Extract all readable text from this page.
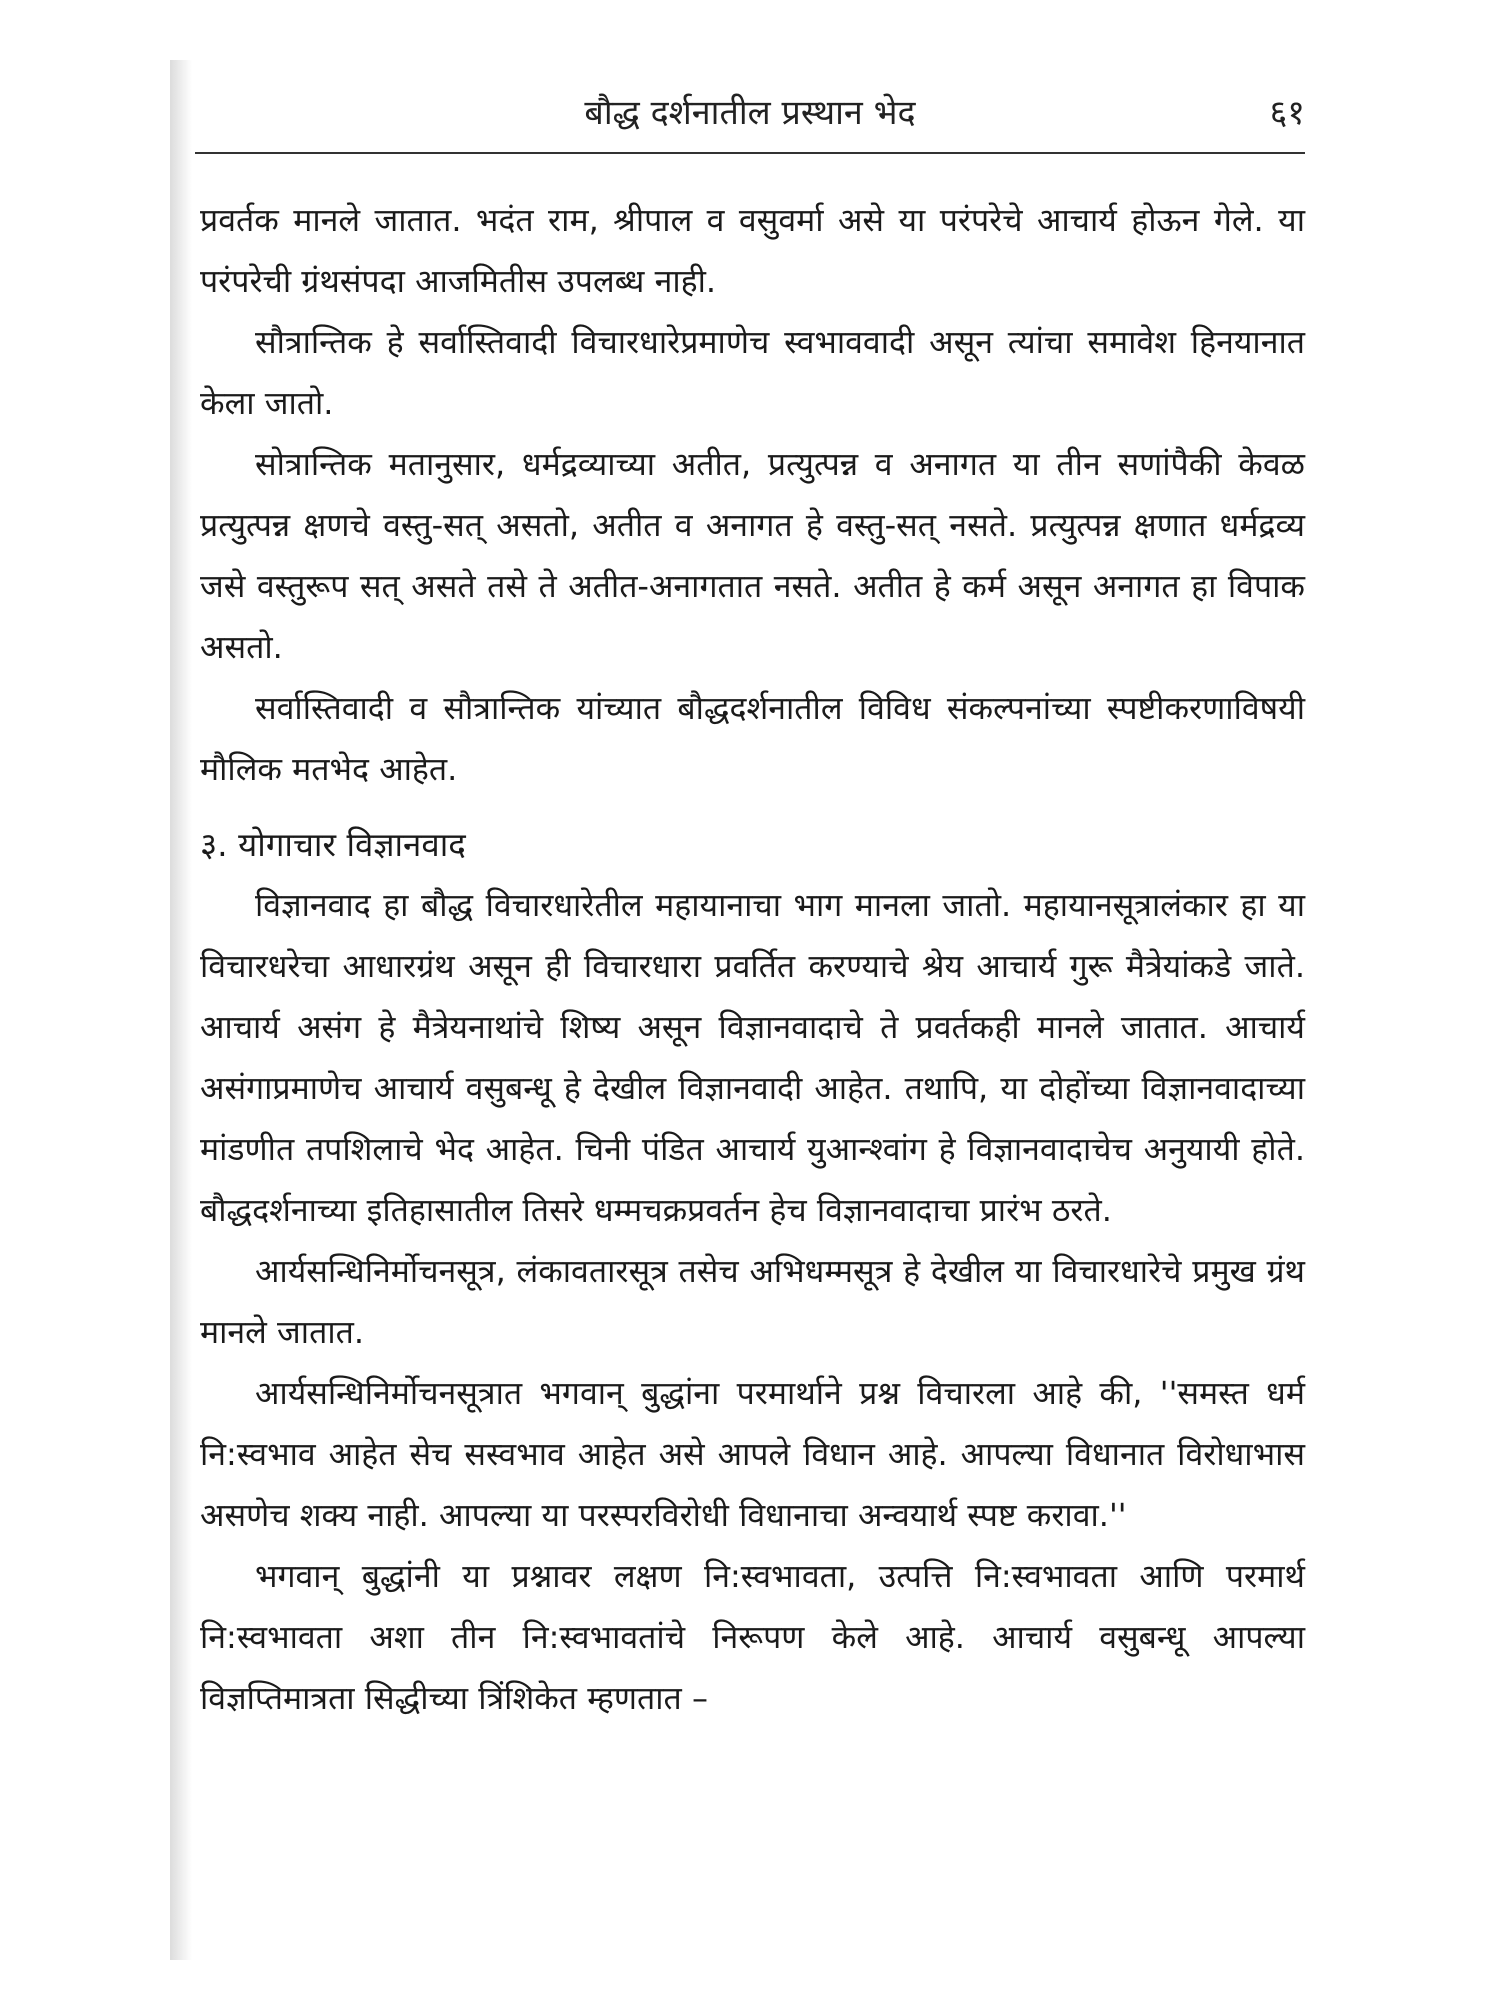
बौद्ध दर्शनातील प्रस्थान भेद	६१

प्रवर्तक मानले जातात. भदंत राम, श्रीपाल व वसुवर्मा असे या परंपरेचे आचार्य होऊन गेले. या परंपरेची ग्रंथसंपदा आजमितीस उपलब्ध नाही.

सौत्रान्तिक हे सर्वास्तिवादी विचारधारेप्रमाणेच स्वभाववादी असून त्यांचा समावेश हिनयानात केला जातो.

सोत्रान्तिक मतानुसार, धर्मद्रव्याच्या अतीत, प्रत्युत्पन्न व अनागत या तीन सणांपैकी केवळ प्रत्युत्पन्न क्षणचे वस्तु-सत् असतो, अतीत व अनागत हे वस्तु-सत् नसते. प्रत्युत्पन्न क्षणात धर्मद्रव्य जसे वस्तुरूप सत् असते तसे ते अतीत-अनागतात नसते. अतीत हे कर्म असून अनागत हा विपाक असतो.

सर्वास्तिवादी व सौत्रान्तिक यांच्यात बौद्धदर्शनातील विविध संकल्पनांच्या स्पष्टीकरणाविषयी मौलिक मतभेद आहेत.

३. योगाचार विज्ञानवाद

विज्ञानवाद हा बौद्ध विचारधारेतील महायानाचा भाग मानला जातो. महायानसूत्रालंकार हा या विचारधरेचा आधारग्रंथ असून ही विचारधारा प्रवर्तित करण्याचे श्रेय आचार्य गुरू मैत्रेयांकडे जाते. आचार्य असंग हे मैत्रेयनाथांचे शिष्य असून विज्ञानवादाचे ते प्रवर्तकही मानले जातात. आचार्य असंगाप्रमाणेच आचार्य वसुबन्धू हे देखील विज्ञानवादी आहेत. तथापि, या दोहोंच्या विज्ञानवादाच्या मांडणीत तपशिलाचे भेद आहेत. चिनी पंडित आचार्य युआन्श्वांग हे विज्ञानवादाचेच अनुयायी होते. बौद्धदर्शनाच्या इतिहासातील तिसरे धम्मचक्रप्रवर्तन हेच विज्ञानवादाचा प्रारंभ ठरते.

आर्यसन्धिनिर्मोचनसूत्र, लंकावतारसूत्र तसेच अभिधम्मसूत्र हे देखील या विचारधारेचे प्रमुख ग्रंथ मानले जातात.

आर्यसन्धिनिर्मोचनसूत्रात भगवान् बुद्धांना परमार्थाने प्रश्न विचारला आहे की, ''समस्त धर्म नि:स्वभाव आहेत सेच सस्वभाव आहेत असे आपले विधान आहे. आपल्या विधानात विरोधाभास असणेच शक्य नाही. आपल्या या परस्परविरोधी विधानाचा अन्वयार्थ स्पष्ट करावा.''

भगवान् बुद्धांनी या प्रश्नावर लक्षण नि:स्वभावता, उत्पत्ति नि:स्वभावता आणि परमार्थ नि:स्वभावता अशा तीन नि:स्वभावतांचे निरूपण केले आहे. आचार्य वसुबन्धू आपल्या विज्ञप्तिमात्रता सिद्धीच्या त्रिंशिकेत म्हणतात –
